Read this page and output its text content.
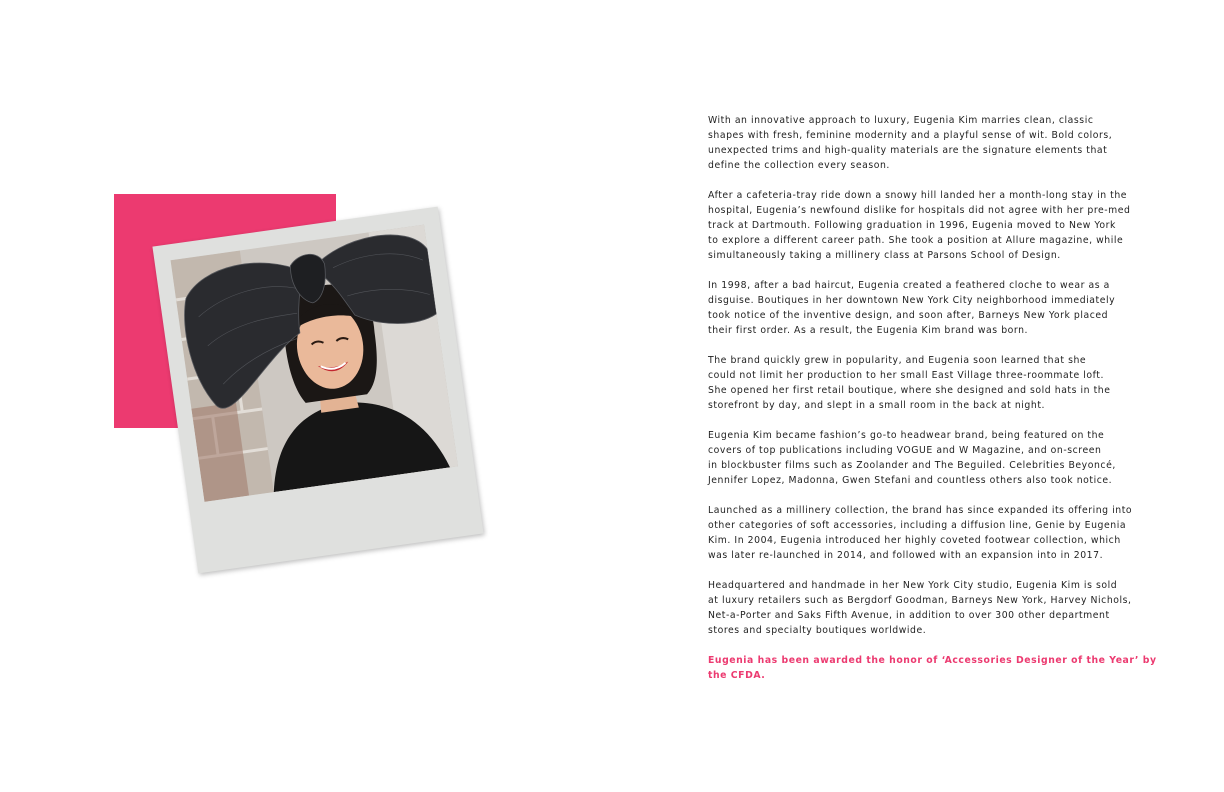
With an innovative approach to luxury, Eugenia Kim marries clean, classic
shapes with fresh, feminine modernity and a playful sense of wit. Bold colors,
unexpected trims and high-quality materials are the signature elements that
define the collection every season.

After a cafeteria-tray ride down a snowy hill landed her a month-long stay in the
hospital, Eugenia’s newfound dislike for hospitals did not agree with her pre-med
track at Dartmouth. Following graduation in 1996, Eugenia moved to New York
to explore a different career path. She took a position at Allure magazine, while
simultaneously taking a millinery class at Parsons School of Design.

In 1998, after a bad haircut, Eugenia created a feathered cloche to wear as a
disguise. Boutiques in her downtown New York City neighborhood immediately
took notice of the inventive design, and soon after, Barneys New York placed
their first order. As a result, the Eugenia Kim brand was born.

The brand quickly grew in popularity, and Eugenia soon learned that she
could not limit her production to her small East Village three-roommate loft.
She opened her first retail boutique, where she designed and sold hats in the
storefront by day, and slept in a small room in the back at night.

Eugenia Kim became fashion’s go-to headwear brand, being featured on the
covers of top publications including VOGUE and W Magazine, and on-screen
in blockbuster films such as Zoolander and The Beguiled. Celebrities Beyoncé,
Jennifer Lopez, Madonna, Gwen Stefani and countless others also took notice.

Launched as a millinery collection, the brand has since expanded its offering into
other categories of soft accessories, including a diffusion line, Genie by Eugenia
Kim. In 2004, Eugenia introduced her highly coveted footwear collection, which
was later re-launched in 2014, and followed with an expansion into in 2017.

Headquartered and handmade in her New York City studio, Eugenia Kim is sold
at luxury retailers such as Bergdorf Goodman, Barneys New York, Harvey Nichols,
Net-a-Porter and Saks Fifth Avenue, in addition to over 300 other department
stores and specialty boutiques worldwide.

Eugenia has been awarded the honor of ‘Accessories Designer of the Year’ by
the CFDA.
